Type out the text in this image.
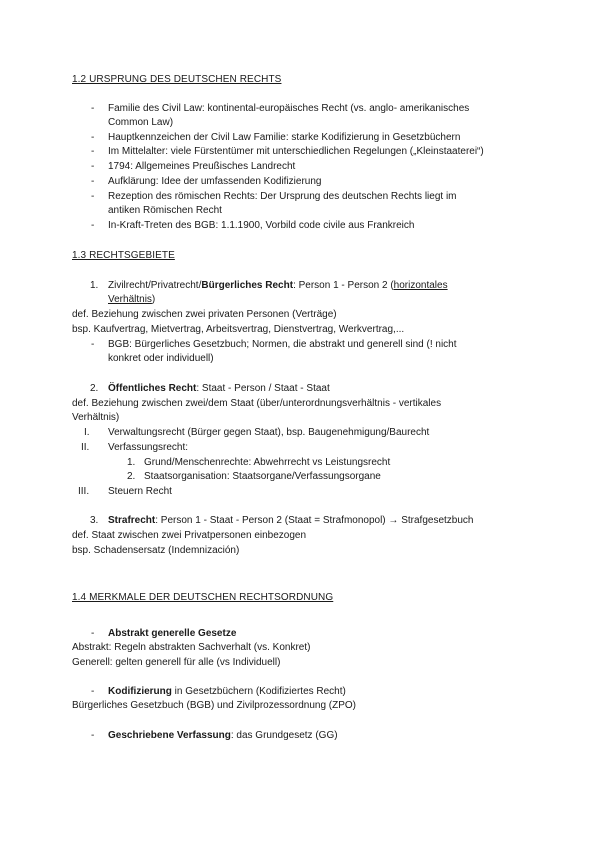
1.2 URSPRUNG DES DEUTSCHEN RECHTS
- Familie des Civil Law: kontinental-europäisches Recht (vs. anglo- amerikanisches
Common Law)
- Hauptkennzeichen der Civil Law Familie: starke Kodifizierung in Gesetzbüchern
- Im Mittelalter: viele Fürstentümer mit unterschiedlichen Regelungen („Kleinstaaterei“)
- 1794: Allgemeines Preußisches Landrecht
- Aufklärung: Idee der umfassenden Kodifizierung
- Rezeption des römischen Rechts: Der Ursprung des deutschen Rechts liegt im
antiken Römischen Recht
- In-Kraft-Treten des BGB: 1.1.1900, Vorbild code civile aus Frankreich
1.3 RECHTSGEBIETE
1. Zivilrecht/Privatrecht/Bürgerliches Recht: Person 1 - Person 2 (horizontales
Verhältnis)
def. Beziehung zwischen zwei privaten Personen (Verträge)
bsp. Kaufvertrag, Mietvertrag, Arbeitsvertrag, Dienstvertrag, Werkvertrag,...
- BGB: Bürgerliches Gesetzbuch; Normen, die abstrakt und generell sind (! nicht
konkret oder individuell)
2. Öffentliches Recht: Staat - Person / Staat - Staat
def. Beziehung zwischen zwei/dem Staat (über/unterordnungsverhältnis - vertikales
Verhältnis)
I. Verwaltungsrecht (Bürger gegen Staat), bsp. Baugenehmigung/Baurecht
II. Verfassungsrecht:
1. Grund/Menschenrechte: Abwehrrecht vs Leistungsrecht
2. Staatsorganisation: Staatsorgane/Verfassungsorgane
III. Steuern Recht
3. Strafrecht: Person 1 - Staat - Person 2 (Staat = Strafmonopol) → Strafgesetzbuch
def. Staat zwischen zwei Privatpersonen einbezogen
bsp. Schadensersatz (Indemnización)
1.4 MERKMALE DER DEUTSCHEN RECHTSORDNUNG
- Abstrakt generelle Gesetze
Abstrakt: Regeln abstrakten Sachverhalt (vs. Konkret)
Generell: gelten generell für alle (vs Individuell)
- Kodifizierung in Gesetzbüchern (Kodifiziertes Recht)
Bürgerliches Gesetzbuch (BGB) und Zivilprozessordnung (ZPO)
- Geschriebene Verfassung: das Grundgesetz (GG)
